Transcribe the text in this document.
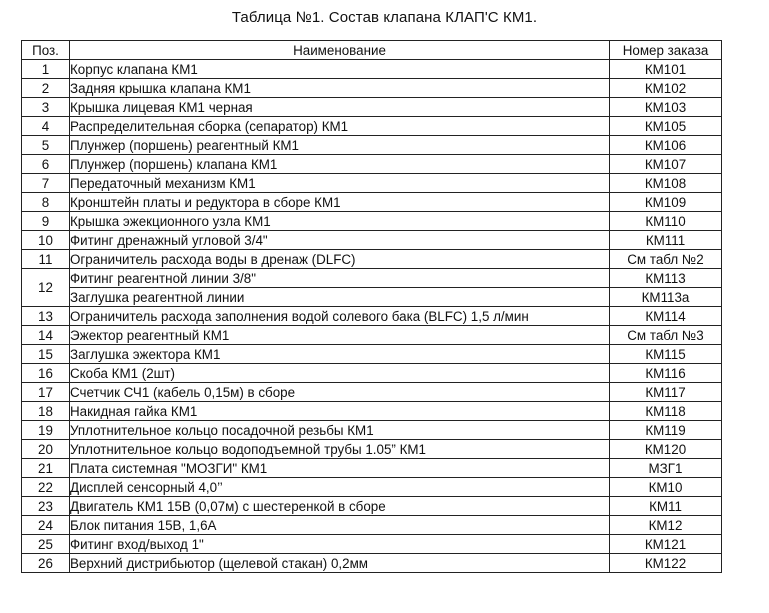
Таблица №1. Состав клапана КЛАП'С КМ1.
Поз.	Наименование	Номер заказа
1	Корпус клапана КМ1	КМ101
2	Задняя крышка клапана КМ1	КМ102
3	Крышка лицевая КМ1 черная	КМ103
4	Распределительная сборка (сепаратор) КМ1	КМ105
5	Плунжер (поршень) реагентный КМ1	КМ106
6	Плунжер (поршень) клапана КМ1	КМ107
7	Передаточный механизм КМ1	КМ108
8	Кронштейн платы и редуктора в сборе КМ1	КМ109
9	Крышка эжекционного узла КМ1	КМ110
10	Фитинг дренажный угловой 3/4"	КМ111
11	Ограничитель расхода воды в дренаж (DLFC)	См табл №2
12	Фитинг реагентной линии 3/8"	КМ113
	Заглушка реагентной линии	КМ113а
13	Ограничитель расхода заполнения водой солевого бака (BLFC) 1,5 л/мин	КМ114
14	Эжектор реагентный КМ1	См табл №3
15	Заглушка эжектора КМ1	КМ115
16	Скоба КМ1 (2шт)	КМ116
17	Счетчик СЧ1 (кабель 0,15м) в сборе	КМ117
18	Накидная гайка КМ1	КМ118
19	Уплотнительное кольцо посадочной резьбы КМ1	КМ119
20	Уплотнительное кольцо водоподъемной трубы 1.05” КМ1	КМ120
21	Плата системная "МОЗГИ" КМ1	МЗГ1
22	Дисплей сенсорный 4,0’’	КМ10
23	Двигатель КМ1 15В (0,07м) с шестеренкой в сборе	КМ11
24	Блок питания 15В, 1,6А	КМ12
25	Фитинг вход/выход 1"	КМ121
26	Верхний дистрибьютор (щелевой стакан) 0,2мм	КМ122
